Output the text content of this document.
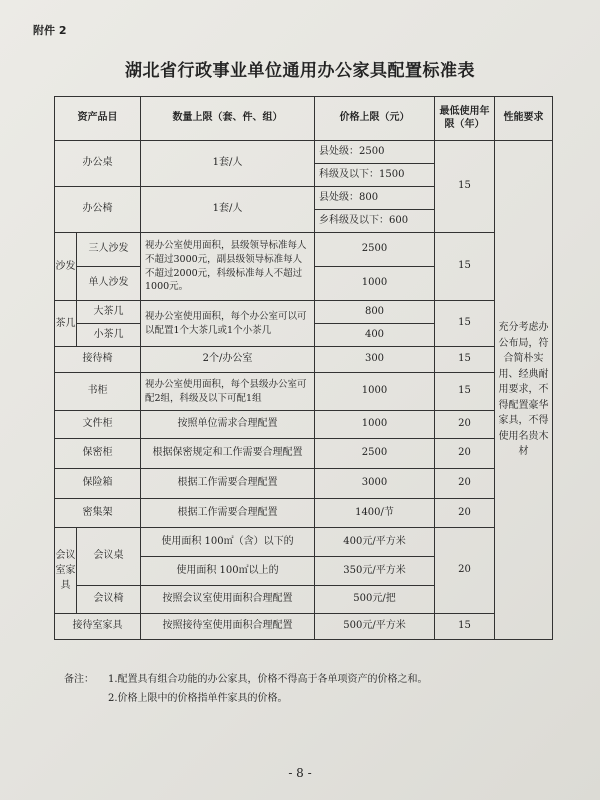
附件 2
湖北省行政事业单位通用办公家具配置标准表
资产品目		数量上限（套、件、组）	价格上限（元）	最低使用年限（年）	性能要求
办公桌		1套/人	县处级：2500	15	充分考虑办公布局，符合简朴实用、经典耐用要求，不得配置豪华家具，不得使用名贵木材
			科级及以下：1500		
办公椅		1套/人	县处级：800		
			乡科级及以下：600		
沙发	三人沙发	视办公室使用面积，县级领导标准每人不超过3000元，副县级领导标准每人不超过2000元，科级标准每人不超过1000元。	2500	15	
	单人沙发		1000		
茶几	大茶几	视办公室使用面积，每个办公室可以可以配置1个大茶几或1个小茶几	800	15	
	小茶几		400		
接待椅		2个/办公室	300	15	
书柜		视办公室使用面积，每个县级办公室可配2组，科级及以下可配1组	1000	15	
文件柜		按照单位需求合理配置	1000	20	
保密柜		根据保密规定和工作需要合理配置	2500	20	
保险箱		根据工作需要合理配置	3000	20	
密集架		根据工作需要合理配置	1400/节	20	
会议室家具	会议桌	使用面积 100㎡（含）以下的	400元/平方米	20	
		使用面积 100㎡以上的	350元/平方米		
	会议椅	按照会议室使用面积合理配置	500元/把		
接待室家具		按照接待室使用面积合理配置	500元/平方米	15	
备注： 1.配置具有组合功能的办公家具，价格不得高于各单项资产的价格之和。
2.价格上限中的价格指单件家具的价格。
- 8 -
